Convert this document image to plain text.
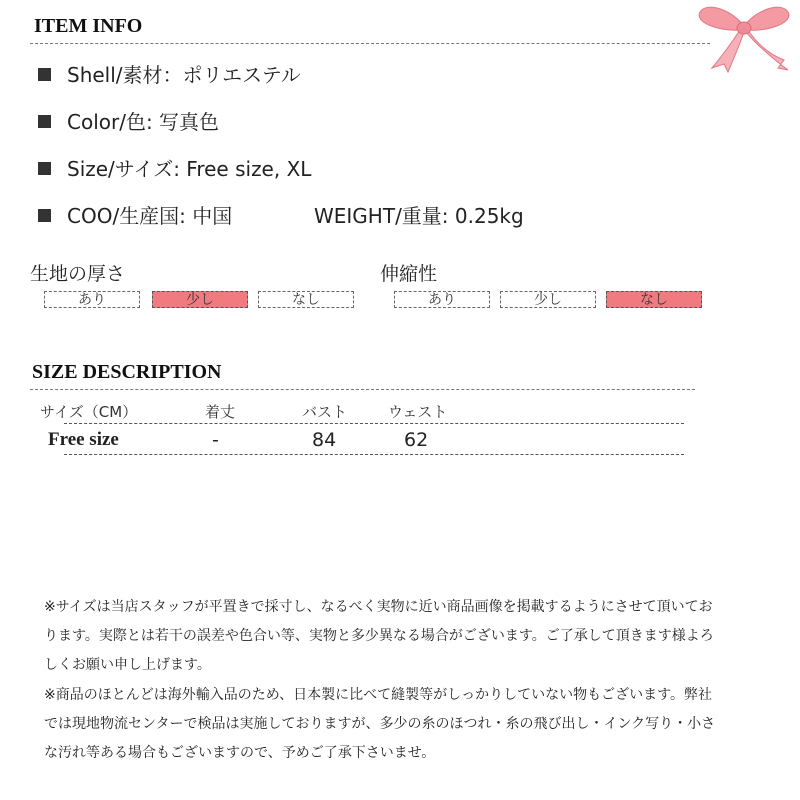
ITEM INFO
Shell/素材：ポリエステル
Color/色: 写真色
Size/サイズ: Free size, XL
COO/生産国: 中国	WEIGHT/重量: 0.25kg
生地の厚さ
あり	少し	なし
伸縮性
あり	少し	なし
SIZE DESCRIPTION
サイズ（CM）	着丈	バスト	ウェスト
Free size	-	84	62

※サイズは当店スタッフが平置きで採寸し、なるべく実物に近い商品画像を掲載するようにさせて頂いております。実際とは若干の誤差や色合い等、実物と多少異なる場合がございます。ご了承して頂きます様よろしくお願い申し上げます。

※商品のほとんどは海外輸入品のため、日本製に比べて縫製等がしっかりしていない物もございます。弊社では現地物流センターで検品は実施しておりますが、多少の糸のほつれ・糸の飛び出し・インク写り・小さな汚れ等ある場合もございますので、予めご了承下さいませ。
